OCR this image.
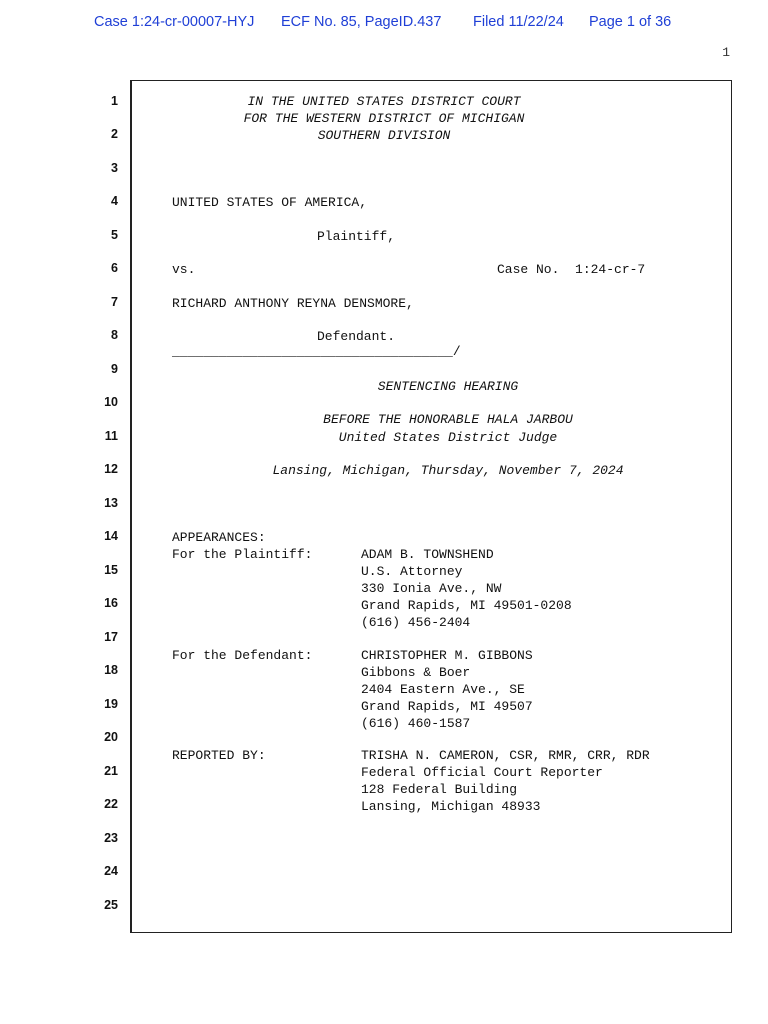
Case 1:24-cr-00007-HYJ ECF No. 85, PageID.437 Filed 11/22/24 Page 1 of 36
1
1
2
3
4
5
6
7
8
9
10
11
12
13
14
15
16
17
18
19
20
21
22
23
24
25
IN THE UNITED STATES DISTRICT COURT
FOR THE WESTERN DISTRICT OF MICHIGAN
SOUTHERN DIVISION
UNITED STATES OF AMERICA,
Plaintiff,
vs.	Case No.  1:24-cr-7
RICHARD ANTHONY REYNA DENSMORE,
Defendant.
____________________________________/
SENTENCING HEARING
BEFORE THE HONORABLE HALA JARBOU
United States District Judge
Lansing, Michigan, Thursday, November 7, 2024
APPEARANCES:
For the Plaintiff:	ADAM B. TOWNSHEND
U.S. Attorney
330 Ionia Ave., NW
Grand Rapids, MI 49501-0208
(616) 456-2404
For the Defendant:	CHRISTOPHER M. GIBBONS
Gibbons & Boer
2404 Eastern Ave., SE
Grand Rapids, MI 49507
(616) 460-1587
REPORTED BY:	TRISHA N. CAMERON, CSR, RMR, CRR, RDR
Federal Official Court Reporter
128 Federal Building
Lansing, Michigan 48933
